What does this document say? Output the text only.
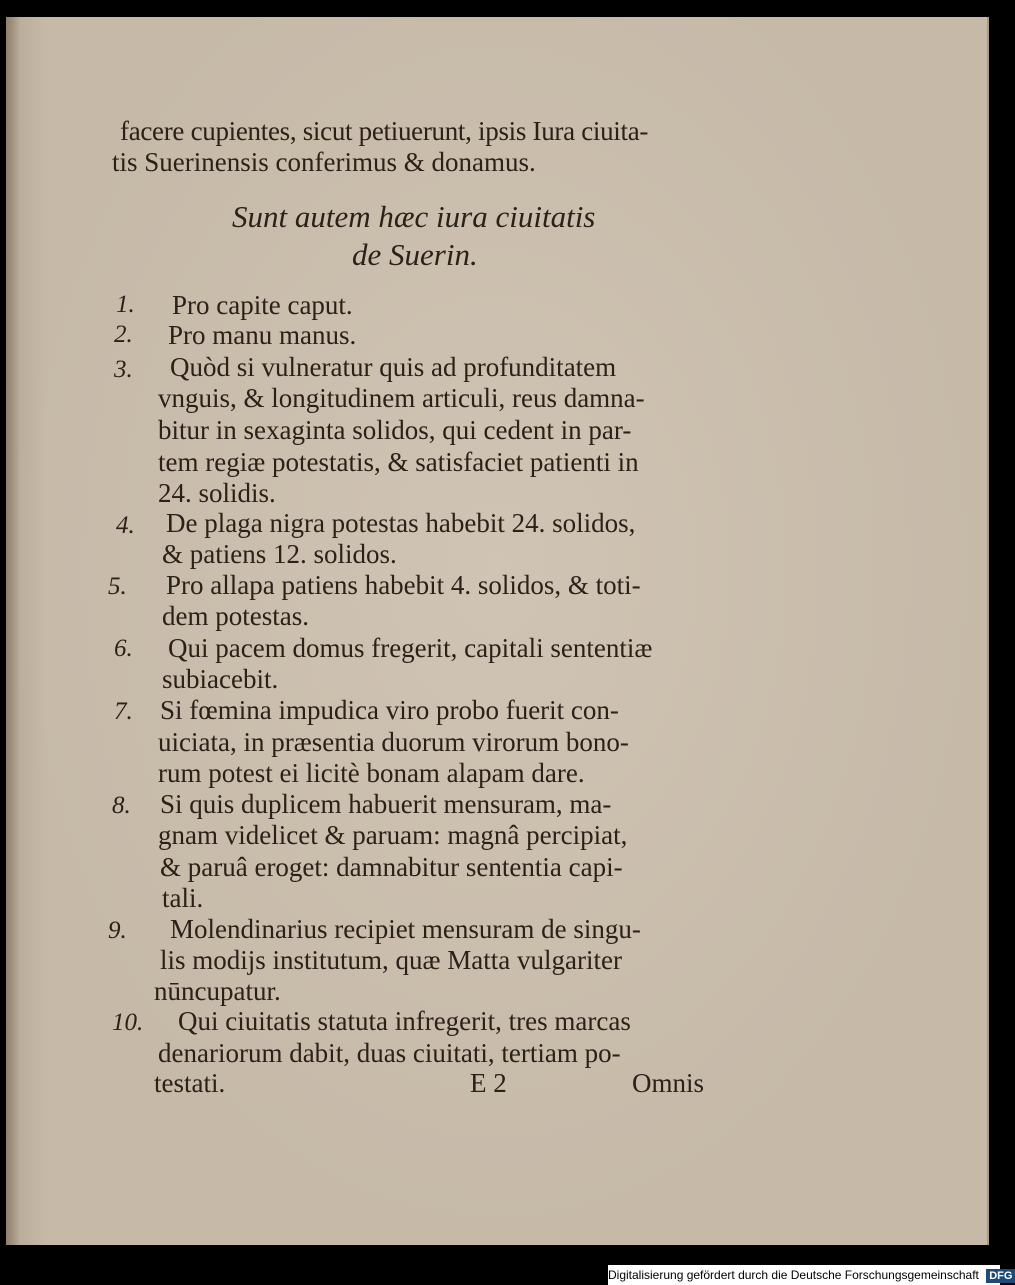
facere cupientes, sicut petiuerunt, ipsis Iura ciuita-
tis Suerinensis conferimus & donamus.
Sunt autem hæc iura ciuitatis
de Suerin.
1. Pro capite caput.
2. Pro manu manus.
3. Quòd si vulneratur quis ad profunditatem
vnguis, & longitudinem articuli, reus damna-
bitur in sexaginta solidos, qui cedent in par-
tem regiæ potestatis, & satisfaciet patienti in
24. solidis.
4. De plaga nigra potestas habebit 24. solidos,
& patiens 12. solidos.
5. Pro allapa patiens habebit 4. solidos, & toti-
dem potestas.
6. Qui pacem domus fregerit, capitali sententiæ
subiacebit.
7. Si fœmina impudica viro probo fuerit con-
uiciata, in præsentia duorum virorum bono-
rum potest ei licitè bonam alapam dare.
8. Si quis duplicem habuerit mensuram, ma-
gnam videlicet & paruam: magnâ percipiat,
& paruâ eroget: damnabitur sententia capi-
tali.
9. Molendinarius recipiet mensuram de singu-
lis modijs institutum, quæ Matta vulgariter
nūncupatur.
10. Qui ciuitatis statuta infregerit, tres marcas
denariorum dabit, duas ciuitati, tertiam po-
testati.	E 2	Omnis
Digitalisierung gefördert durch die Deutsche Forschungsgemeinschaft DFG
